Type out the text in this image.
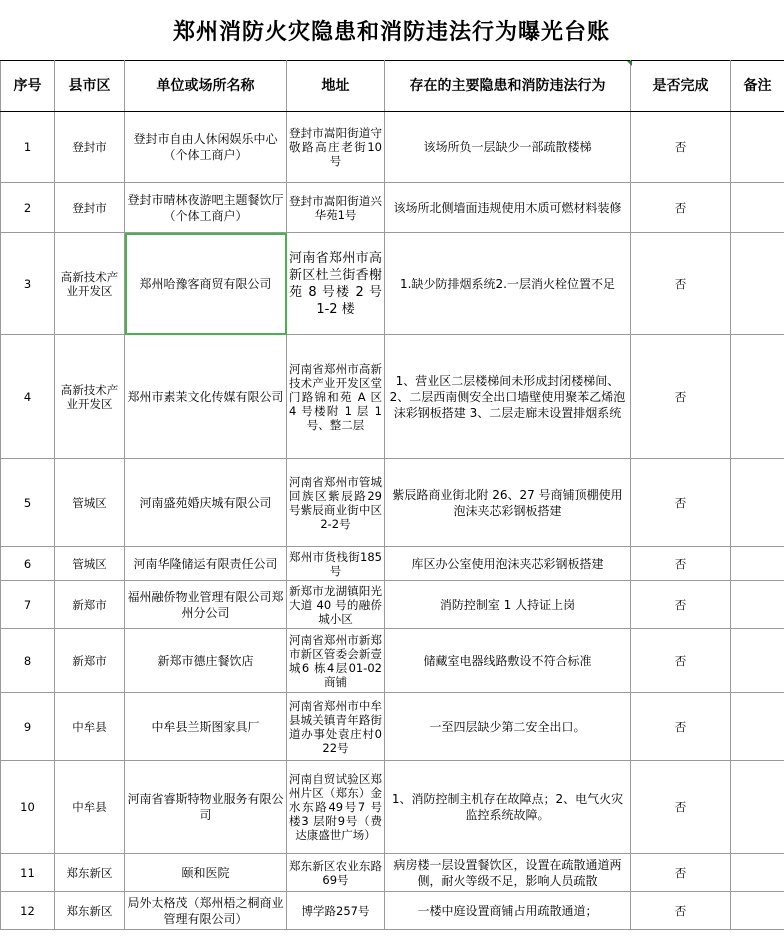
郑州消防火灾隐患和消防违法行为曝光台账
序号	县市区	单位或场所名称	地址	存在的主要隐患和消防违法行为	是否完成	备注
1	登封市	登封市自由人休闲娱乐中心（个体工商户）	登封市嵩阳街道守敬路高庄老街10号	该场所负一层缺少一部疏散楼梯	否	
2	登封市	登封市晴林夜游吧主题餐饮厅（个体工商户）	登封市嵩阳街道兴华苑1号	该场所北侧墙面违规使用木质可燃材料装修	否	
3	高新技术产业开发区	郑州哈豫客商贸有限公司	河南省郑州市高新区杜兰街香榭苑 8 号楼 2 号 1-2 楼	1.缺少防排烟系统2.一层消火栓位置不足	否	
4	高新技术产业开发区	郑州市素茉文化传媒有限公司	河南省郑州市高新技术产业开发区堂门路锦和苑 A 区 4 号楼附 1 层 1 号、整二层	1、营业区二层楼梯间未形成封闭楼梯间、2、二层西南侧安全出口墙壁使用聚苯乙烯泡沫彩钢板搭建 3、二层走廊未设置排烟系统	否	
5	管城区	河南盛苑婚庆城有限公司	河南省郑州市管城回族区紫辰路29号紫辰商业街中区2-2号	紫辰路商业街北附 26、27 号商铺顶棚使用泡沫夹芯彩钢板搭建	否	
6	管城区	河南华隆储运有限责任公司	郑州市货栈街185号	库区办公室使用泡沫夹芯彩钢板搭建	否	
7	新郑市	福州融侨物业管理有限公司郑州分公司	新郑市龙湖镇阳光大道 40 号的融侨城小区	消防控制室 1 人持证上岗	否	
8	新郑市	新郑市德庄餐饮店	河南省郑州市新郑市新区管委会新壹城6 栋4层01-02 商铺	储藏室电器线路敷设不符合标准	否	
9	中牟县	中牟县兰斯图家具厂	河南省郑州市中牟县城关镇青年路街道办事处袁庄村022号	一至四层缺少第二安全出口。	否	
10	中牟县	河南省睿斯特物业服务有限公司	河南自贸试验区郑州片区（郑东）金水东路49号7 号楼3 层附9号（费达康盛世广场）	1、消防控制主机存在故障点；2、电气火灾监控系统故障。	否	
11	郑东新区	颐和医院	郑东新区农业东路69号	病房楼一层设置餐饮区，设置在疏散通道两侧，耐火等级不足，影响人员疏散	否	
12	郑东新区	局外太格茂（郑州梧之桐商业管理有限公司）	博学路257号	一楼中庭设置商铺占用疏散通道；	否	
